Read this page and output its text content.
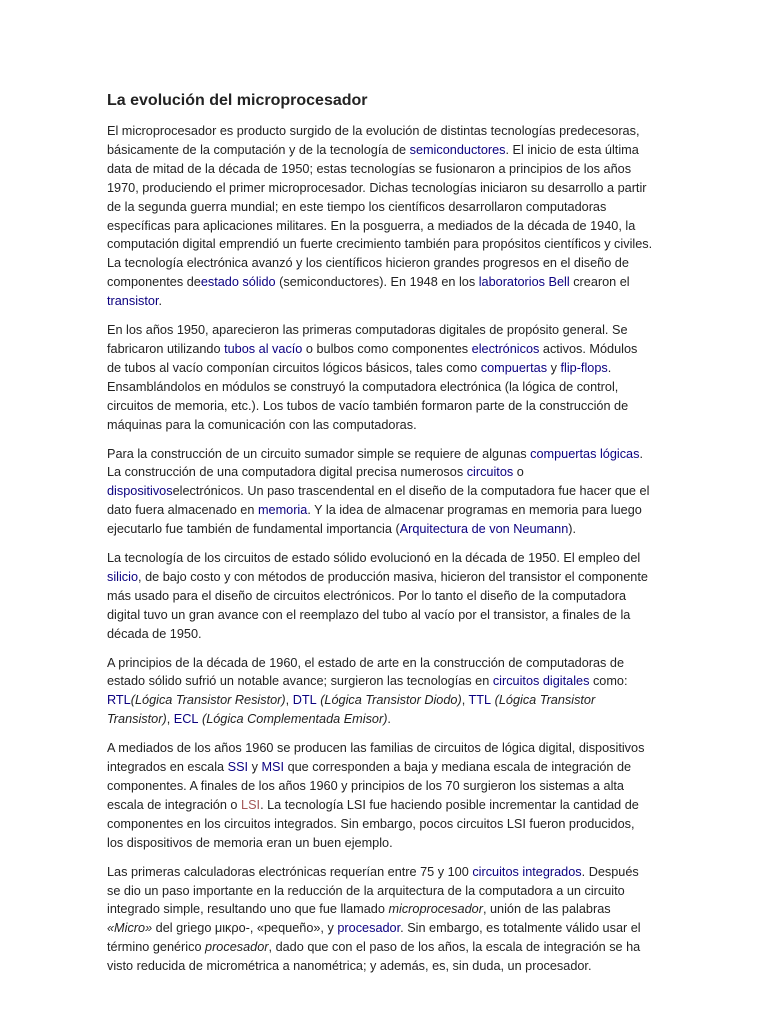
La evolución del microprocesador

El microprocesador es producto surgido de la evolución de distintas tecnologías predecesoras, básicamente de la computación y de la tecnología de semiconductores. El inicio de esta última data de mitad de la década de 1950; estas tecnologías se fusionaron a principios de los años 1970, produciendo el primer microprocesador. Dichas tecnologías iniciaron su desarrollo a partir de la segunda guerra mundial; en este tiempo los científicos desarrollaron computadoras específicas para aplicaciones militares. En la posguerra, a mediados de la década de 1940, la computación digital emprendió un fuerte crecimiento también para propósitos científicos y civiles. La tecnología electrónica avanzó y los científicos hicieron grandes progresos en el diseño de componentes deestado sólido (semiconductores). En 1948 en los laboratorios Bell crearon el transistor.

En los años 1950, aparecieron las primeras computadoras digitales de propósito general. Se fabricaron utilizando tubos al vacío o bulbos como componentes electrónicos activos. Módulos de tubos al vacío componían circuitos lógicos básicos, tales como compuertas y flip-flops. Ensamblándolos en módulos se construyó la computadora electrónica (la lógica de control, circuitos de memoria, etc.). Los tubos de vacío también formaron parte de la construcción de máquinas para la comunicación con las computadoras.

Para la construcción de un circuito sumador simple se requiere de algunas compuertas lógicas. La construcción de una computadora digital precisa numerosos circuitos o dispositivoselectrónicos. Un paso trascendental en el diseño de la computadora fue hacer que el dato fuera almacenado en memoria. Y la idea de almacenar programas en memoria para luego ejecutarlo fue también de fundamental importancia (Arquitectura de von Neumann).

La tecnología de los circuitos de estado sólido evolucionó en la década de 1950. El empleo del silicio, de bajo costo y con métodos de producción masiva, hicieron del transistor el componente más usado para el diseño de circuitos electrónicos. Por lo tanto el diseño de la computadora digital tuvo un gran avance con el reemplazo del tubo al vacío por el transistor, a finales de la década de 1950.

A principios de la década de 1960, el estado de arte en la construcción de computadoras de estado sólido sufrió un notable avance; surgieron las tecnologías en circuitos digitales como: RTL(Lógica Transistor Resistor), DTL (Lógica Transistor Diodo), TTL (Lógica Transistor Transistor), ECL (Lógica Complementada Emisor).

A mediados de los años 1960 se producen las familias de circuitos de lógica digital, dispositivos integrados en escala SSI y MSI que corresponden a baja y mediana escala de integración de componentes. A finales de los años 1960 y principios de los 70 surgieron los sistemas a alta escala de integración o LSI. La tecnología LSI fue haciendo posible incrementar la cantidad de componentes en los circuitos integrados. Sin embargo, pocos circuitos LSI fueron producidos, los dispositivos de memoria eran un buen ejemplo.

Las primeras calculadoras electrónicas requerían entre 75 y 100 circuitos integrados. Después se dio un paso importante en la reducción de la arquitectura de la computadora a un circuito integrado simple, resultando uno que fue llamado microprocesador, unión de las palabras «Micro» del griego μικρο-, «pequeño», y procesador. Sin embargo, es totalmente válido usar el término genérico procesador, dado que con el paso de los años, la escala de integración se ha visto reducida de micrométrica a nanométrica; y además, es, sin duda, un procesador.
